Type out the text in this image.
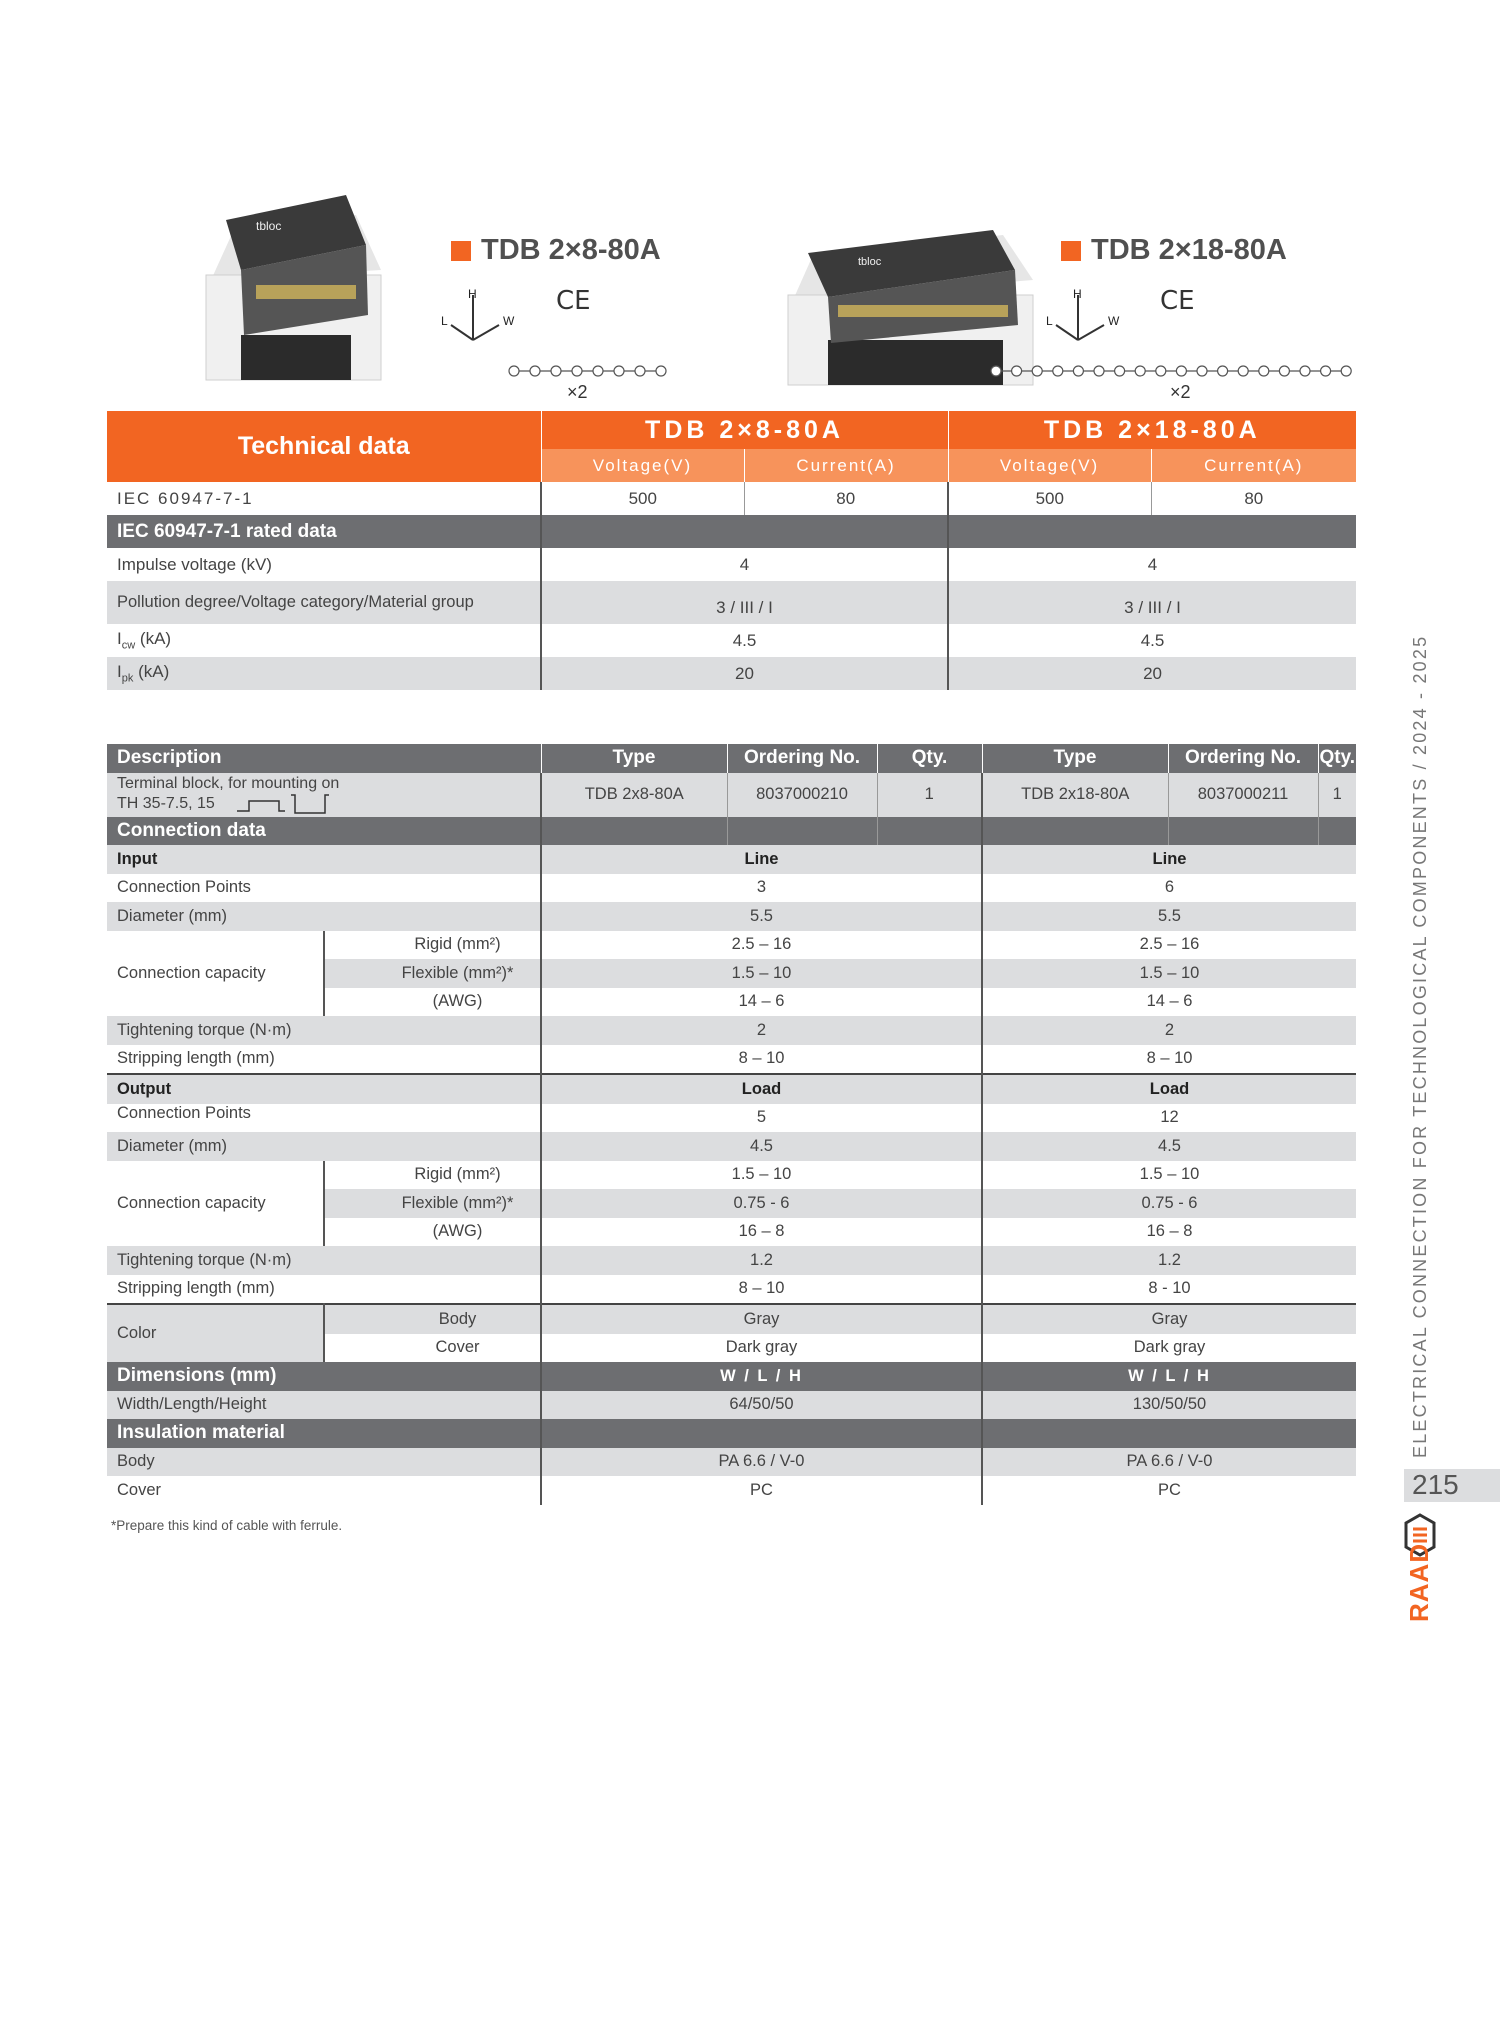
tbloc
TDB 2×8-80A
H
W
L
CE
×2
tbloc	TDB 2×18-80A
H
W
L
CE
×2
Technical data	TDB 2×8-80A		TDB 2×18-80A	
	Voltage(V)	Current(A)	Voltage(V)	Current(A)
IEC 60947-7-1	500	80	500	80
IEC 60947-7-1 rated data				
Impulse voltage (kV)	4		4	
Pollution degree/Voltage category/Material group	3 / III / I		3 / III / I	
$I_{cw}$ (kA)	4.5		4.5	
$I_{pk}$ (kA)	20		20	
Description		Type	Ordering No.	Qty.	Type	Ordering No.	Qty.

Terminal block, for mounting on
TH 35-7.5, 15		TDB 2x8-80A	8037000210	1	TDB 2x18-80A	8037000211	1
Connection data							
Input		Line			Line		
Connection Points		3			6		
Diameter (mm)		5.5			5.5		
Connection capacity	Rigid (mm²)	2.5 – 16			2.5 – 16		
	Flexible (mm²)*	1.5 – 10			1.5 – 10		
	(AWG)	14 – 6			14 – 6		
Tightening torque (N·m)		2			2		
Stripping length (mm)		8 – 10			8 – 10		
Output		Load			Load		
Connection Points		5			12		
Diameter (mm)		4.5			4.5		
Connection capacity	Rigid (mm²)	1.5 – 10			1.5 – 10		
	Flexible (mm²)*	0.75 - 6			0.75 - 6		
	(AWG)	16 – 8			16 – 8		
Tightening torque (N·m)		1.2			1.2		
Stripping length (mm)		8 – 10			8 - 10		
Color	Body	Gray			Gray		
	Cover	Dark gray			Dark gray		
Dimensions (mm)		W / L / H			W / L / H		
Width/Length/Height		64/50/50			130/50/50		
Insulation material							
Body		PA 6.6 / V-0			PA 6.6 / V-0		
Cover		PC			PC		
*Prepare this kind of cable with ferrule.
ELECTRICAL CONNECTION FOR TECHNOLOGICAL COMPONENTS / 2024 - 2025
215
RAAD
